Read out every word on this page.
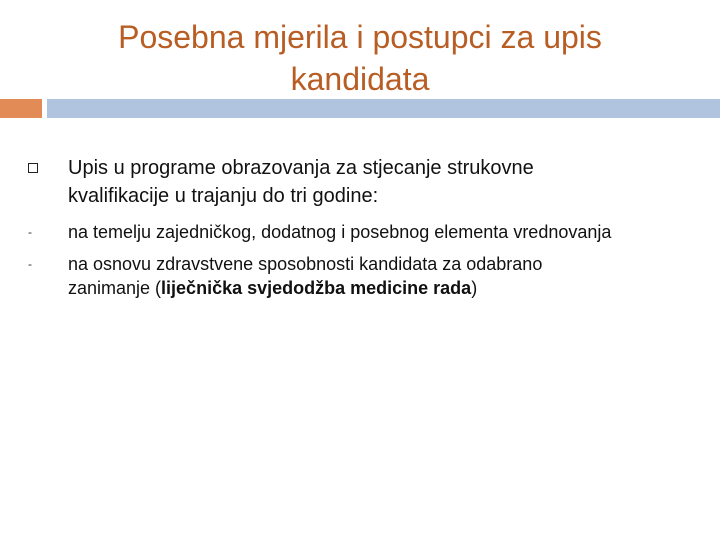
Posebna mjerila i postupci za upis
kandidata
Upis u programe obrazovanja za stjecanje strukovne
kvalifikacije u trajanju do tri godine:
- na temelju zajedničkog, dodatnog i posebnog elementa vrednovanja
- na osnovu zdravstvene sposobnosti kandidata za odabrano
zanimanje (liječnička svjedodžba medicine rada)
